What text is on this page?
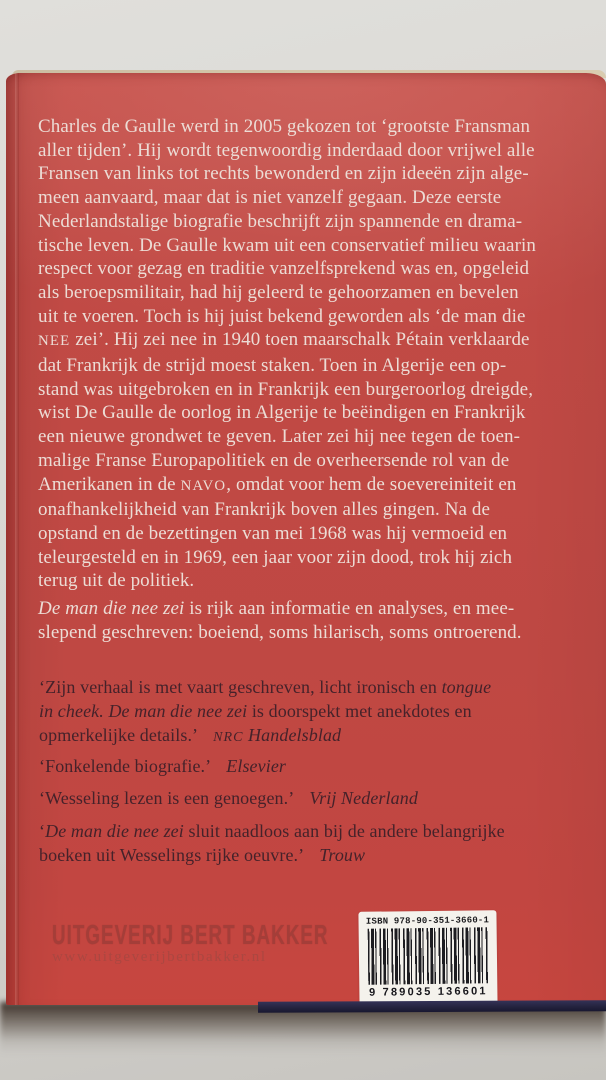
Charles de Gaulle werd in 2005 gekozen tot ‘grootste Fransman
aller tijden’. Hij wordt tegenwoordig inderdaad door vrijwel alle
Fransen van links tot rechts bewonderd en zijn ideeën zijn alge-
meen aanvaard, maar dat is niet vanzelf gegaan. Deze eerste
Nederlandstalige biografie beschrijft zijn spannende en drama-
tische leven. De Gaulle kwam uit een conservatief milieu waarin
respect voor gezag en traditie vanzelfsprekend was en, opgeleid
als beroepsmilitair, had hij geleerd te gehoorzamen en bevelen
uit te voeren. Toch is hij juist bekend geworden als ‘de man die
NEE zei’. Hij zei nee in 1940 toen maarschalk Pétain verklaarde
dat Frankrijk de strijd moest staken. Toen in Algerije een op-
stand was uitgebroken en in Frankrijk een burgeroorlog dreigde,
wist De Gaulle de oorlog in Algerije te beëindigen en Frankrijk
een nieuwe grondwet te geven. Later zei hij nee tegen de toen-
malige Franse Europapolitiek en de overheersende rol van de
Amerikanen in de NAVO, omdat voor hem de soevereiniteit en
onafhankelijkheid van Frankrijk boven alles gingen. Na de
opstand en de bezettingen van mei 1968 was hij vermoeid en
teleurgesteld en in 1969, een jaar voor zijn dood, trok hij zich
terug uit de politiek.
De man die nee zei is rijk aan informatie en analyses, en mee-
slepend geschreven: boeiend, soms hilarisch, soms ontroerend.
‘Zijn verhaal is met vaart geschreven, licht ironisch en tongue
in cheek. De man die nee zei is doorspekt met anekdotes en
opmerkelijke details.’ NRC Handelsblad
‘Fonkelende biografie.’ Elsevier
‘Wesseling lezen is een genoegen.’ Vrij Nederland
‘De man die nee zei sluit naadloos aan bij de andere belangrijke
boeken uit Wesselings rijke oeuvre.’ Trouw
UITGEVERIJ BERT BAKKER
www.uitgeverijbertbakker.nl
ISBN 978-90-351-3660-1
9 789035 136601
